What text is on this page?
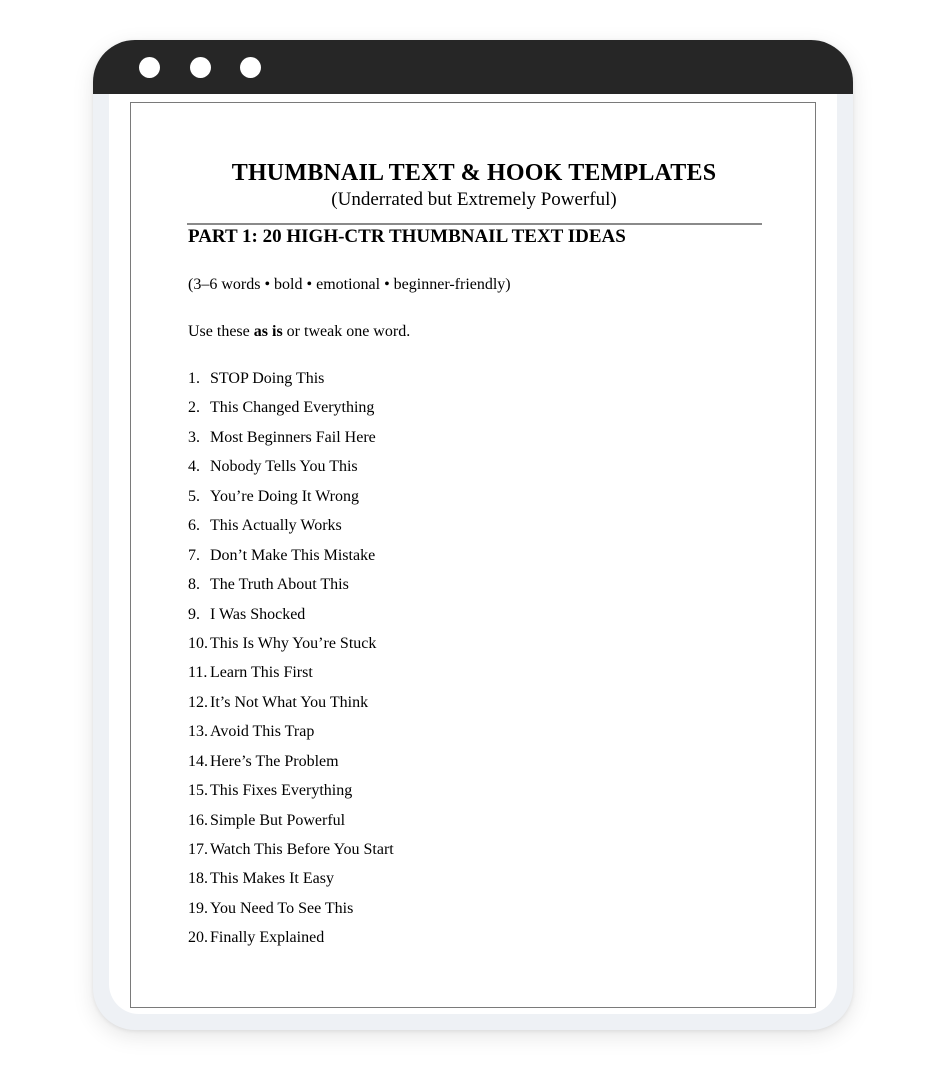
THUMBNAIL TEXT & HOOK TEMPLATES
(Underrated but Extremely Powerful)
PART 1: 20 HIGH-CTR THUMBNAIL TEXT IDEAS
(3–6 words • bold • emotional • beginner-friendly)
Use these as is or tweak one word.
1. STOP Doing This
2. This Changed Everything
3. Most Beginners Fail Here
4. Nobody Tells You This
5. You’re Doing It Wrong
6. This Actually Works
7. Don’t Make This Mistake
8. The Truth About This
9. I Was Shocked
10. This Is Why You’re Stuck
11. Learn This First
12. It’s Not What You Think
13. Avoid This Trap
14. Here’s The Problem
15. This Fixes Everything
16. Simple But Powerful
17. Watch This Before You Start
18. This Makes It Easy
19. You Need To See This
20. Finally Explained
